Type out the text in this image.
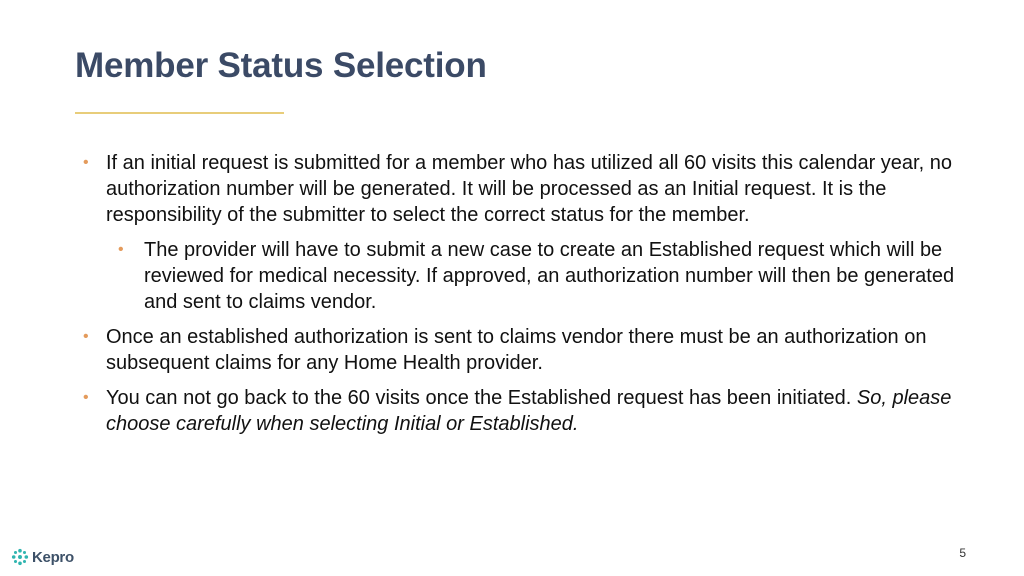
Member Status Selection
• If an initial request is submitted for a member who has utilized all 60 visits this calendar year, no authorization number will be generated. It will be processed as an Initial request. It is the responsibility of the submitter to select the correct status for the member.
• The provider will have to submit a new case to create an Established request which will be reviewed for medical necessity. If approved, an authorization number will then be generated and sent to claims vendor.
• Once an established authorization is sent to claims vendor there must be an authorization on subsequent claims for any Home Health provider.
• You can not go back to the 60 visits once the Established request has been initiated. So, please choose carefully when selecting Initial or Established.
Kepro	5
